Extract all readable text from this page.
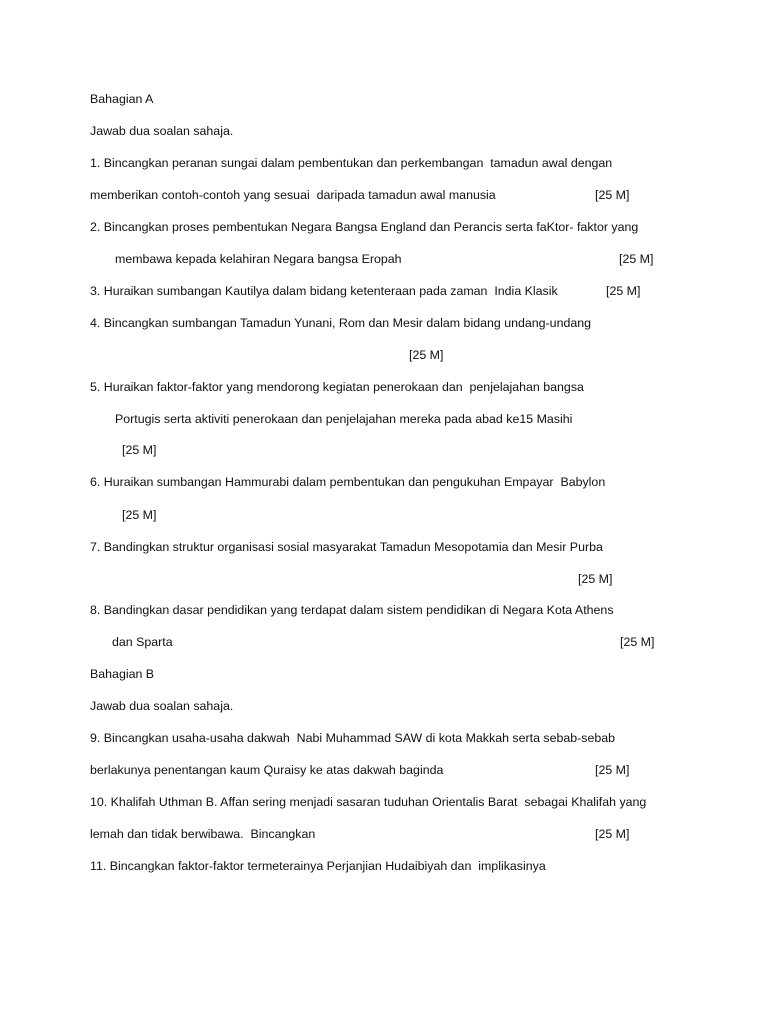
Bahagian A
Jawab dua soalan sahaja.
1. Bincangkan peranan sungai dalam pembentukan dan perkembangan  tamadun awal dengan
memberikan contoh-contoh yang sesuai  daripada tamadun awal manusia	[25 M]
2. Bincangkan proses pembentukan Negara Bangsa England dan Perancis serta faKtor- faktor yang
membawa kepada kelahiran Negara bangsa Eropah	[25 M]
3. Huraikan sumbangan Kautilya dalam bidang ketenteraan pada zaman  India Klasik	[25 M]
4. Bincangkan sumbangan Tamadun Yunani, Rom dan Mesir dalam bidang undang-undang
[25 M]
5. Huraikan faktor-faktor yang mendorong kegiatan penerokaan dan  penjelajahan bangsa
Portugis serta aktiviti penerokaan dan penjelajahan mereka pada abad ke15 Masihi
[25 M]
6. Huraikan sumbangan Hammurabi dalam pembentukan dan pengukuhan Empayar  Babylon
[25 M]
7. Bandingkan struktur organisasi sosial masyarakat Tamadun Mesopotamia dan Mesir Purba
[25 M]
8. Bandingkan dasar pendidikan yang terdapat dalam sistem pendidikan di Negara Kota Athens
dan Sparta	[25 M]
Bahagian B
Jawab dua soalan sahaja.
9. Bincangkan usaha-usaha dakwah  Nabi Muhammad SAW di kota Makkah serta sebab-sebab
berlakunya penentangan kaum Quraisy ke atas dakwah baginda	[25 M]
10. Khalifah Uthman B. Affan sering menjadi sasaran tuduhan Orientalis Barat  sebagai Khalifah yang
lemah dan tidak berwibawa.  Bincangkan	[25 M]
11. Bincangkan faktor-faktor termeterainya Perjanjian Hudaibiyah dan  implikasinya
